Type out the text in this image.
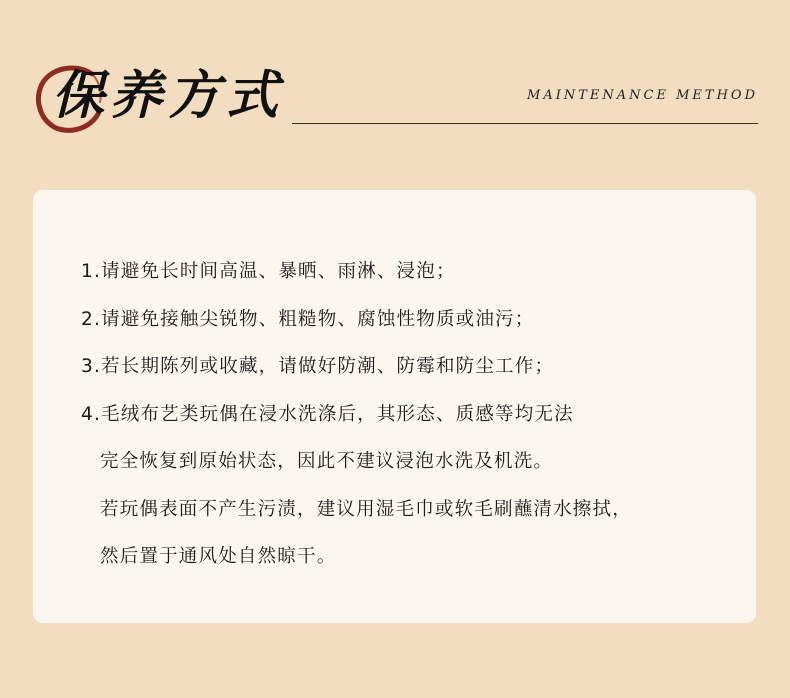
保养方式	MAINTENANCE METHOD
1.请避免长时间高温、暴晒、雨淋、浸泡；
2.请避免接触尖锐物、粗糙物、腐蚀性物质或油污；
3.若长期陈列或收藏，请做好防潮、防霉和防尘工作；
4.毛绒布艺类玩偶在浸水洗涤后，其形态、质感等均无法
完全恢复到原始状态，因此不建议浸泡水洗及机洗。
若玩偶表面不产生污渍，建议用湿毛巾或软毛刷蘸清水擦拭，
然后置于通风处自然晾干。
